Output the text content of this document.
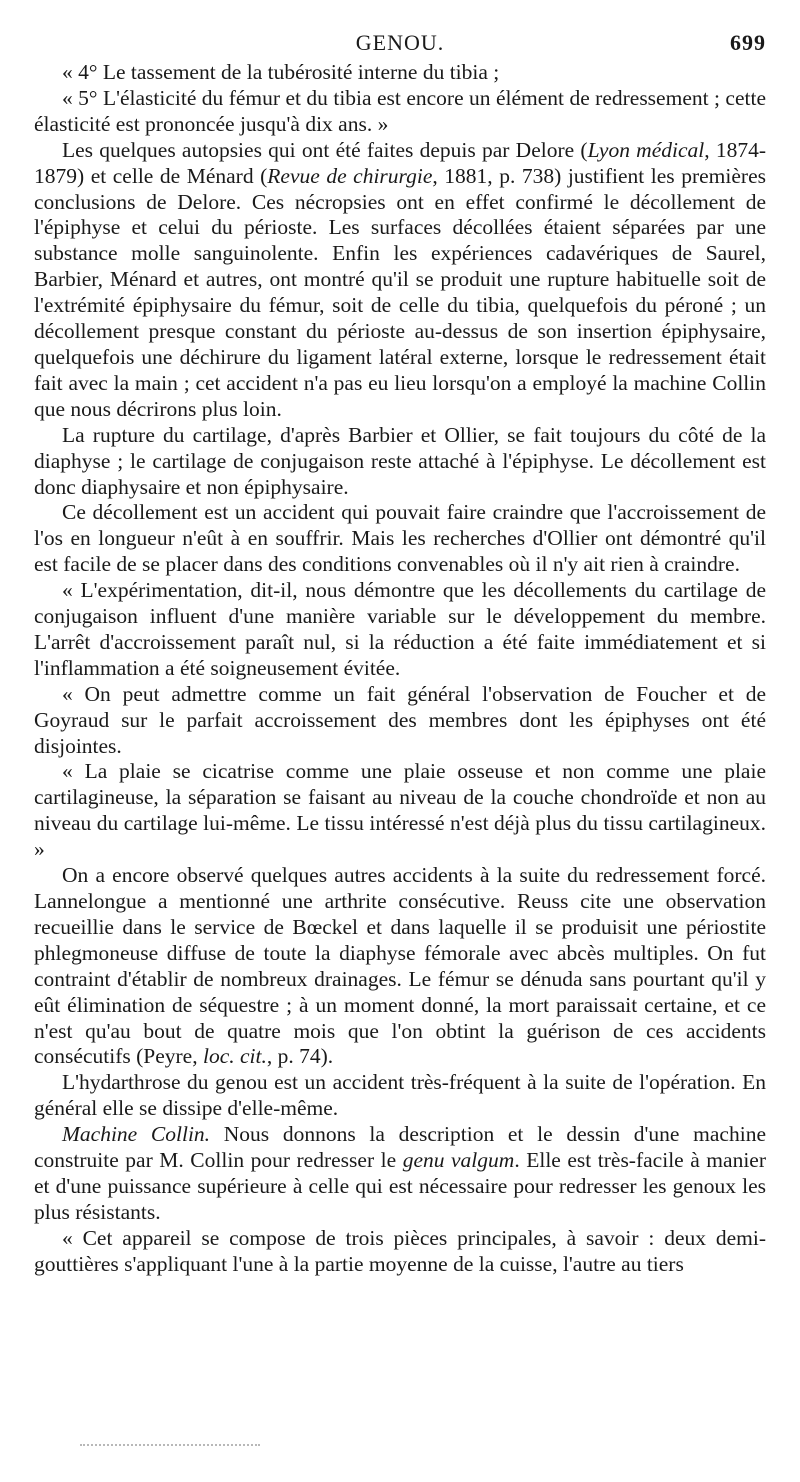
GENOU.	699

« 4° Le tassement de la tubérosité interne du tibia ;

« 5° L'élasticité du fémur et du tibia est encore un élément de redressement ; cette élasticité est prononcée jusqu'à dix ans. »

Les quelques autopsies qui ont été faites depuis par Delore (Lyon médical, 1874-1879) et celle de Ménard (Revue de chirurgie, 1881, p. 738) justifient les premières conclusions de Delore. Ces nécropsies ont en effet confirmé le décollement de l'épiphyse et celui du périoste. Les surfaces décollées étaient séparées par une substance molle sanguinolente. Enfin les expériences cadavériques de Saurel, Barbier, Ménard et autres, ont montré qu'il se produit une rupture habituelle soit de l'extrémité épiphysaire du fémur, soit de celle du tibia, quelquefois du péroné ; un décollement presque constant du périoste au-dessus de son insertion épiphysaire, quelquefois une déchirure du ligament latéral externe, lorsque le redressement était fait avec la main ; cet accident n'a pas eu lieu lorsqu'on a employé la machine Collin que nous décrirons plus loin.

La rupture du cartilage, d'après Barbier et Ollier, se fait toujours du côté de la diaphyse ; le cartilage de conjugaison reste attaché à l'épiphyse. Le décollement est donc diaphysaire et non épiphysaire.

Ce décollement est un accident qui pouvait faire craindre que l'accroissement de l'os en longueur n'eût à en souffrir. Mais les recherches d'Ollier ont démontré qu'il est facile de se placer dans des conditions convenables où il n'y ait rien à craindre.

« L'expérimentation, dit-il, nous démontre que les décollements du cartilage de conjugaison influent d'une manière variable sur le développement du membre. L'arrêt d'accroissement paraît nul, si la réduction a été faite immédiatement et si l'inflammation a été soigneusement évitée.

« On peut admettre comme un fait général l'observation de Foucher et de Goyraud sur le parfait accroissement des membres dont les épiphyses ont été disjointes.

« La plaie se cicatrise comme une plaie osseuse et non comme une plaie cartilagineuse, la séparation se faisant au niveau de la couche chondroïde et non au niveau du cartilage lui-même. Le tissu intéressé n'est déjà plus du tissu cartilagineux. »

On a encore observé quelques autres accidents à la suite du redressement forcé. Lannelongue a mentionné une arthrite consécutive. Reuss cite une observation recueillie dans le service de Bœckel et dans laquelle il se produisit une périostite phlegmoneuse diffuse de toute la diaphyse fémorale avec abcès multiples. On fut contraint d'établir de nombreux drainages. Le fémur se dénuda sans pourtant qu'il y eût élimination de séquestre ; à un moment donné, la mort paraissait certaine, et ce n'est qu'au bout de quatre mois que l'on obtint la guérison de ces accidents consécutifs (Peyre, loc. cit., p. 74).

L'hydarthrose du genou est un accident très-fréquent à la suite de l'opération. En général elle se dissipe d'elle-même.

Machine Collin. Nous donnons la description et le dessin d'une machine construite par M. Collin pour redresser le genu valgum. Elle est très-facile à manier et d'une puissance supérieure à celle qui est nécessaire pour redresser les genoux les plus résistants.

« Cet appareil se compose de trois pièces principales, à savoir : deux demi-gouttières s'appliquant l'une à la partie moyenne de la cuisse, l'autre au tiers
